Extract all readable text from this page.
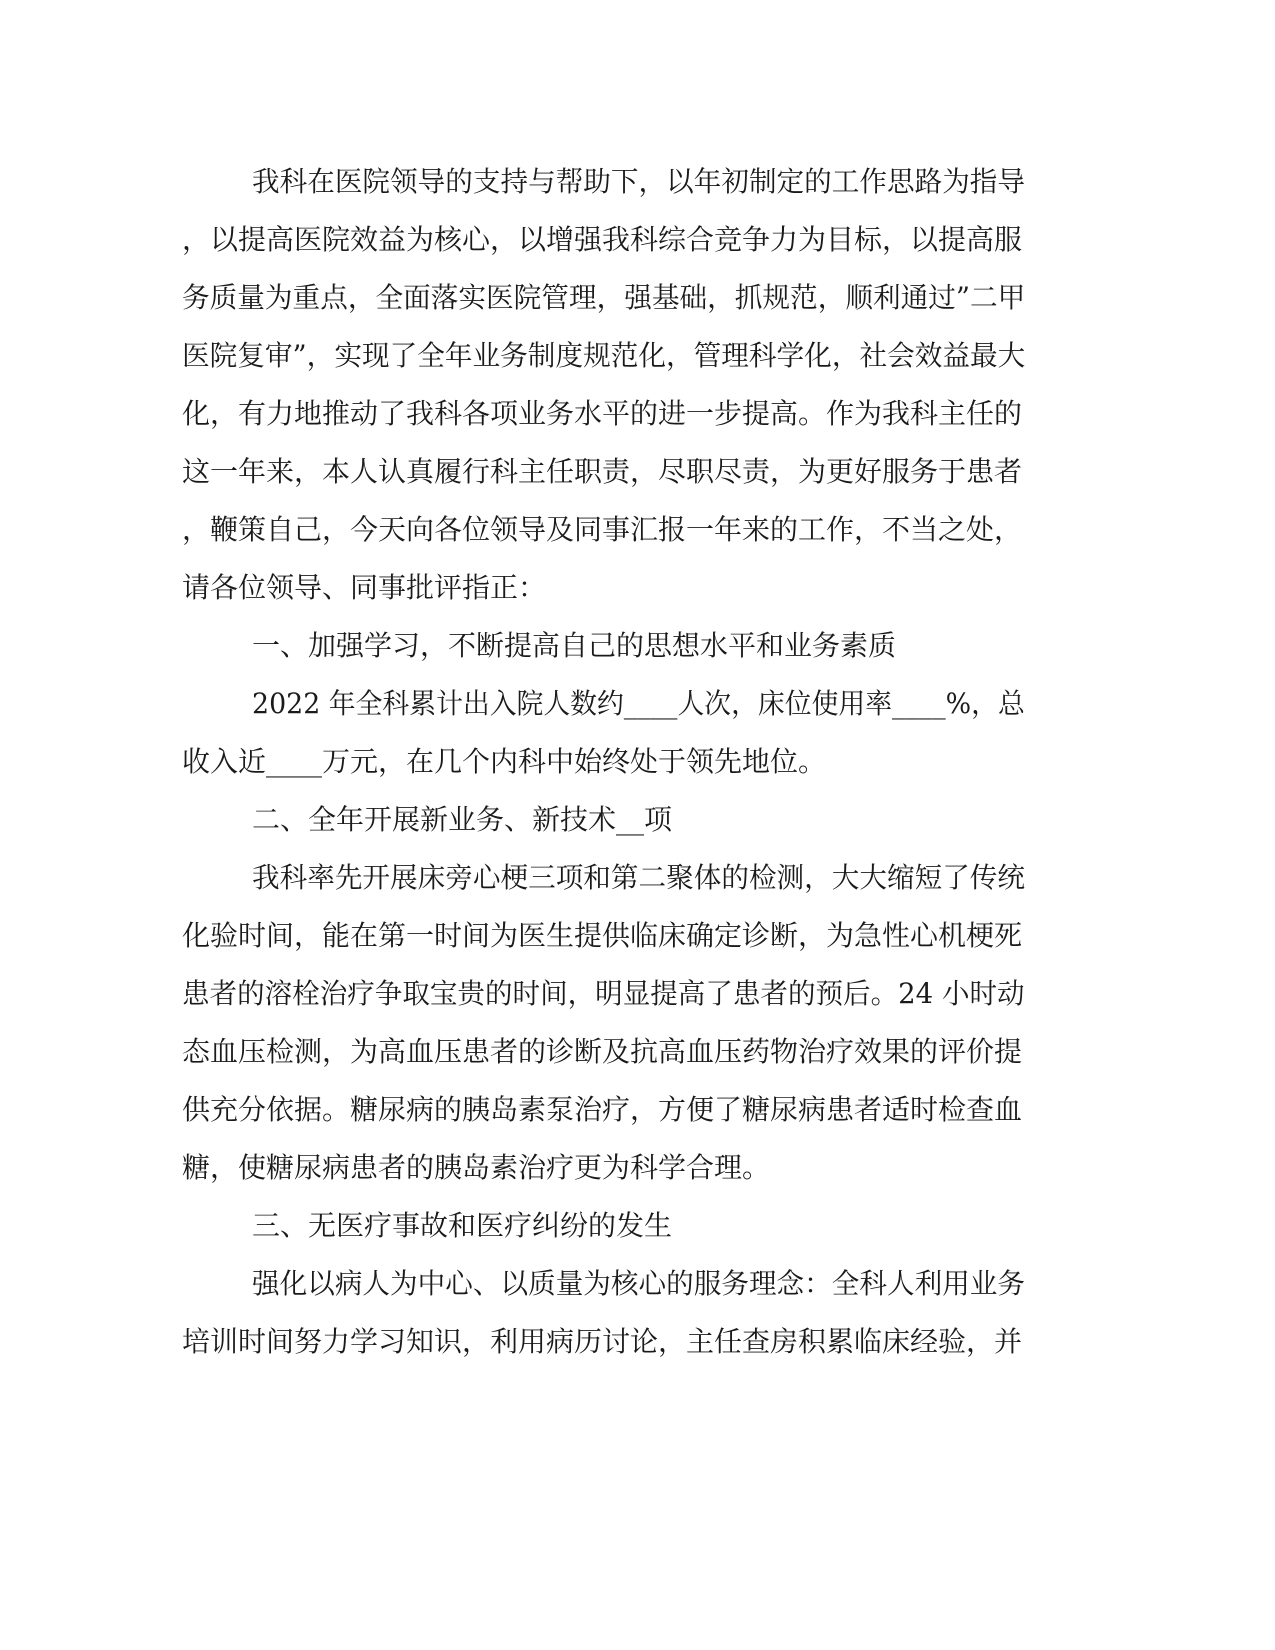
我科在医院领导的支持与帮助下，以年初制定的工作思路为指导
，以提高医院效益为核心，以增强我科综合竞争力为目标，以提高服
务质量为重点，全面落实医院管理，强基础，抓规范，顺利通过”二甲
医院复审”，实现了全年业务制度规范化，管理科学化，社会效益最大
化，有力地推动了我科各项业务水平的进一步提高。作为我科主任的
这一年来，本人认真履行科主任职责，尽职尽责，为更好服务于患者
，鞭策自己，今天向各位领导及同事汇报一年来的工作，不当之处，
请各位领导、同事批评指正：
一、加强学习，不断提高自己的思想水平和业务素质
2022 年全科累计出入院人数约____人次，床位使用率____%，总
收入近____万元，在几个内科中始终处于领先地位。
二、全年开展新业务、新技术__项
我科率先开展床旁心梗三项和第二聚体的检测，大大缩短了传统
化验时间，能在第一时间为医生提供临床确定诊断，为急性心机梗死
患者的溶栓治疗争取宝贵的时间，明显提高了患者的预后。24 小时动
态血压检测，为高血压患者的诊断及抗高血压药物治疗效果的评价提
供充分依据。糖尿病的胰岛素泵治疗，方便了糖尿病患者适时检查血
糖，使糖尿病患者的胰岛素治疗更为科学合理。
三、无医疗事故和医疗纠纷的发生
强化以病人为中心、以质量为核心的服务理念：全科人利用业务
培训时间努力学习知识，利用病历讨论，主任查房积累临床经验，并
